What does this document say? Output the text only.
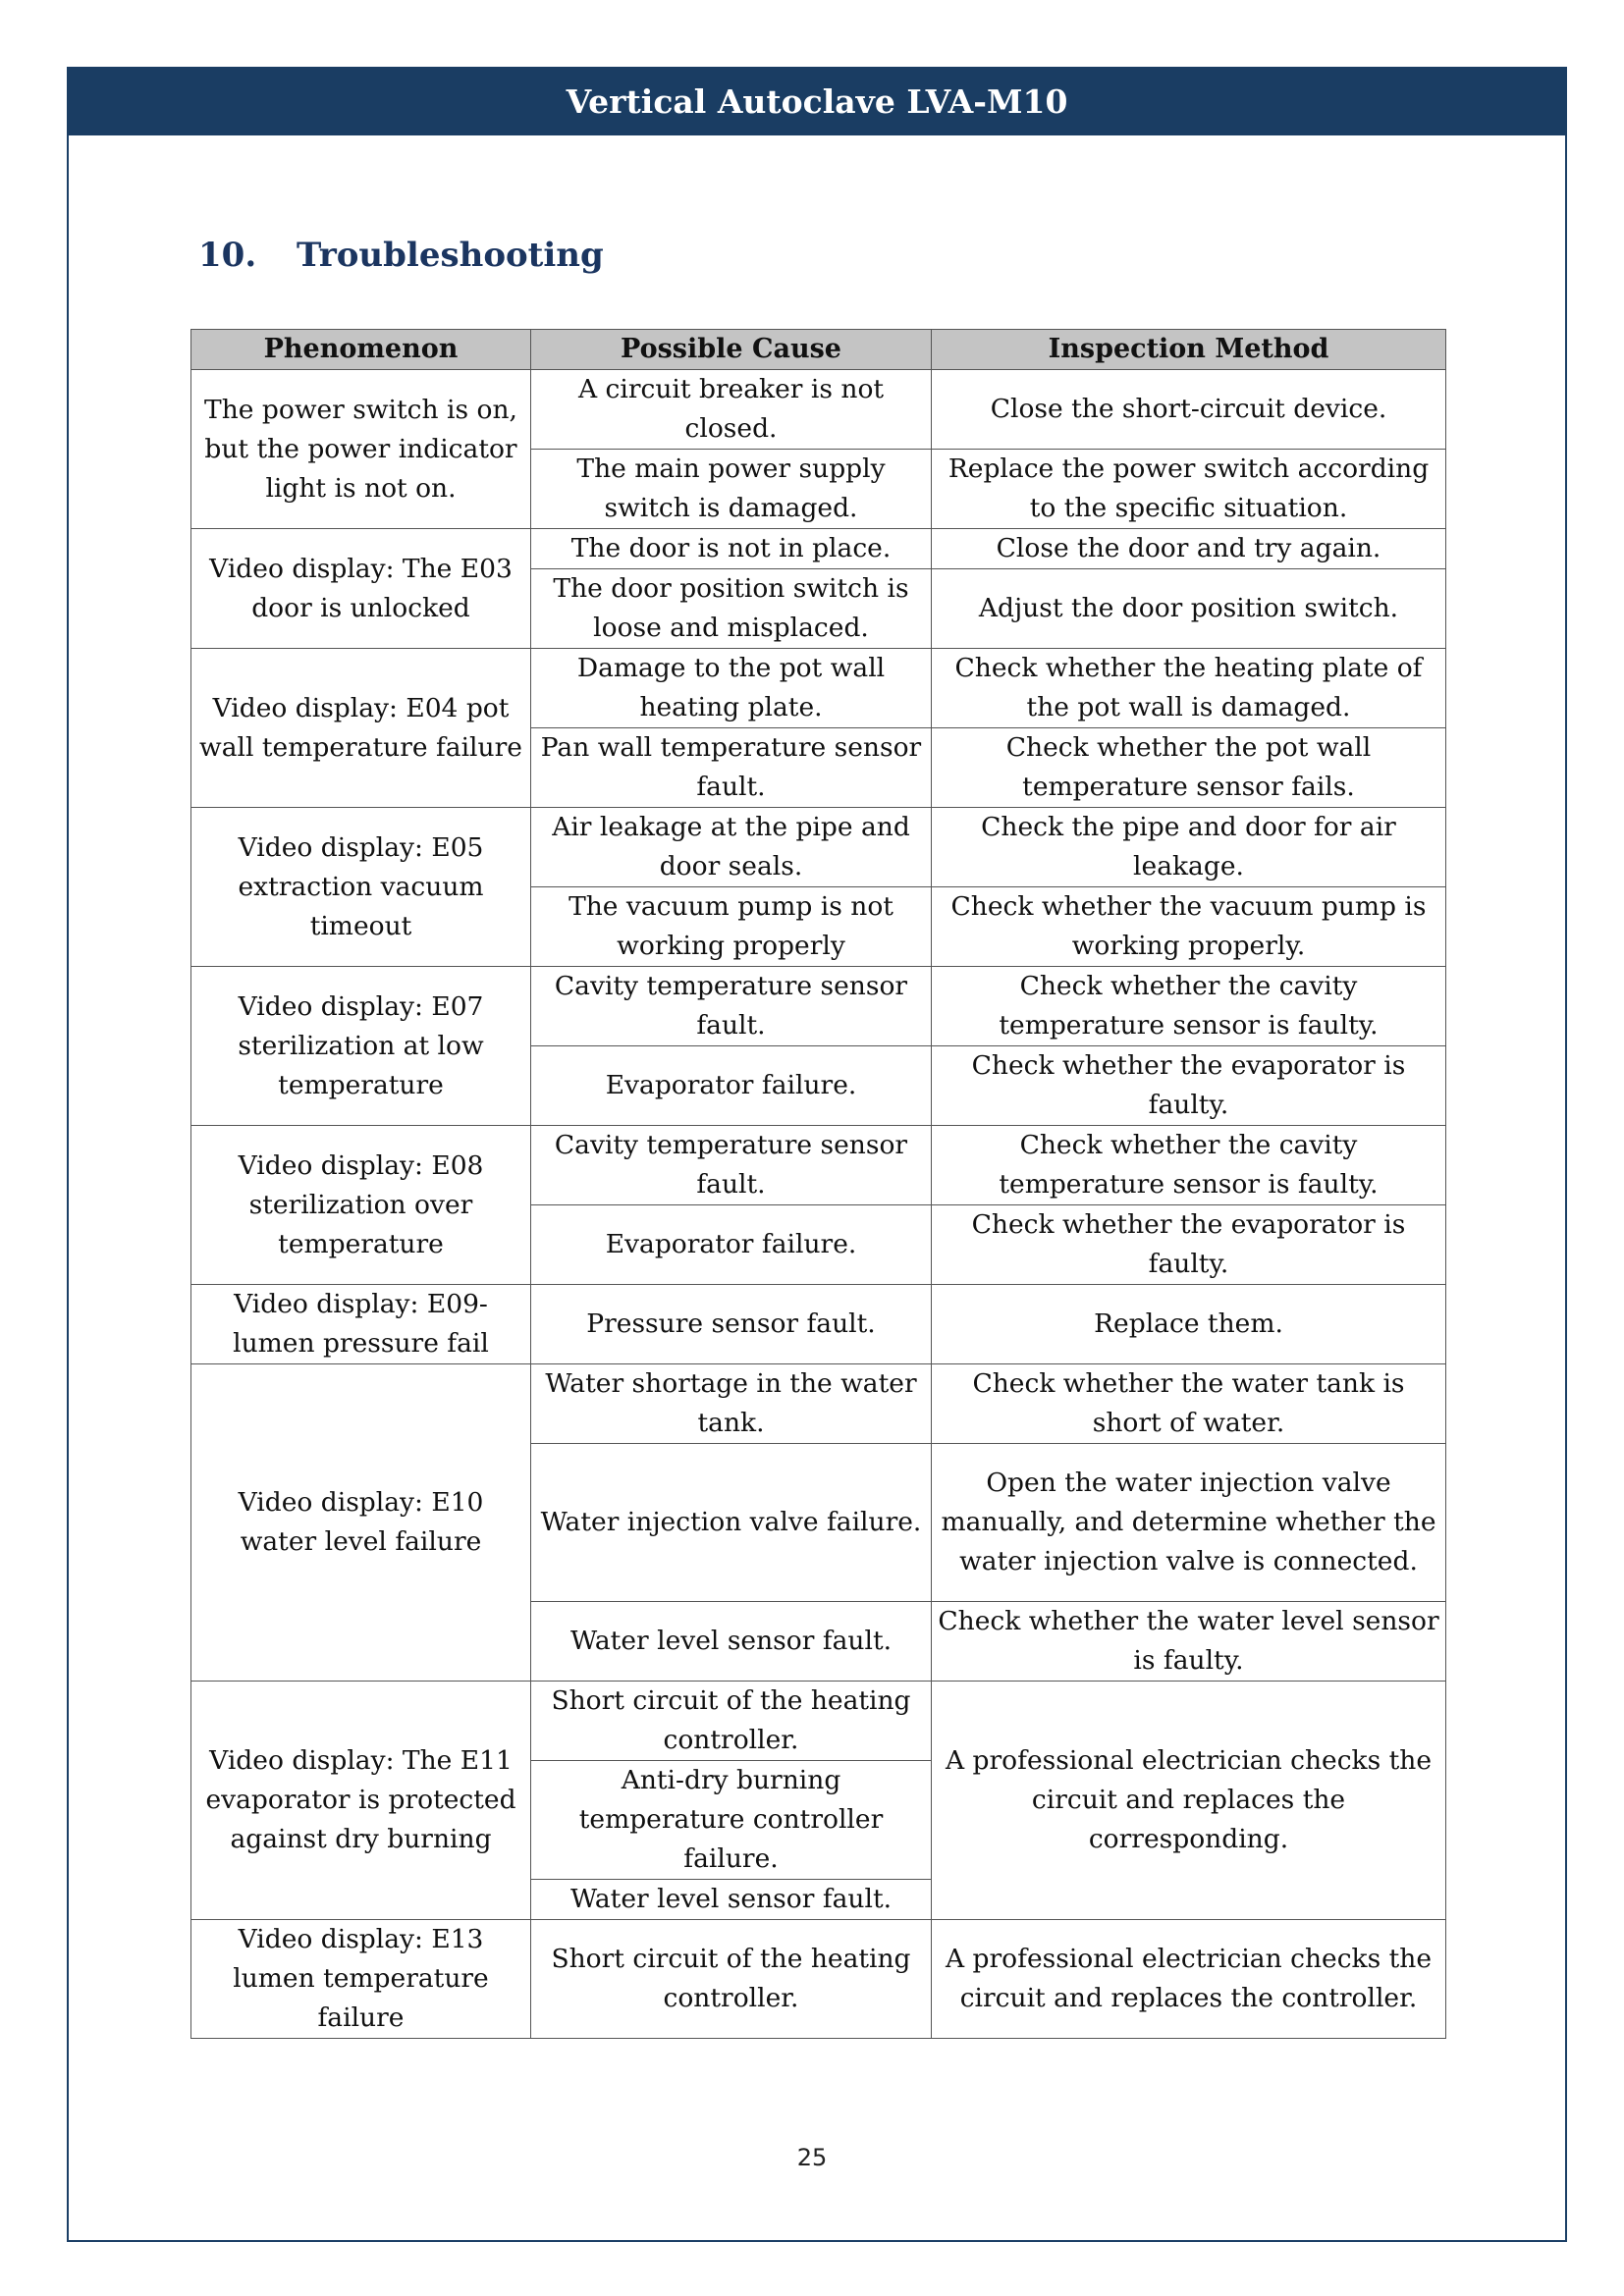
Vertical Autoclave LVA-M10
10. Troubleshooting
Phenomenon	Possible Cause	Inspection Method
The power switch is on, but the power indicator light is not on.	A circuit breaker is not closed.	Close the short-circuit device.
	The main power supply switch is damaged.	Replace the power switch according to the specific situation.
Video display: The E03 door is unlocked	The door is not in place.	Close the door and try again.
	The door position switch is loose and misplaced.	Adjust the door position switch.
Video display: E04 pot wall temperature failure	Damage to the pot wall heating plate.	Check whether the heating plate of the pot wall is damaged.
	Pan wall temperature sensor fault.	Check whether the pot wall temperature sensor fails.
Video display: E05 extraction vacuum timeout	Air leakage at the pipe and door seals.	Check the pipe and door for air leakage.
	The vacuum pump is not working properly	Check whether the vacuum pump is working properly.
Video display: E07 sterilization at low temperature	Cavity temperature sensor fault.	Check whether the cavity temperature sensor is faulty.
	Evaporator failure.	Check whether the evaporator is faulty.
Video display: E08 sterilization over temperature	Cavity temperature sensor fault.	Check whether the cavity temperature sensor is faulty.
	Evaporator failure.	Check whether the evaporator is faulty.
Video display: E09-lumen pressure fail	Pressure sensor fault.	Replace them.
Video display: E10 water level failure	Water shortage in the water tank.	Check whether the water tank is short of water.
	Water injection valve failure.	Open the water injection valve manually, and determine whether the water injection valve is connected.
	Water level sensor fault.	Check whether the water level sensor is faulty.
Video display: The E11 evaporator is protected against dry burning	Short circuit of the heating controller.	A professional electrician checks the circuit and replaces the corresponding.
	Anti-dry burning temperature controller failure.	
	Water level sensor fault.	
Video display: E13 lumen temperature failure	Short circuit of the heating controller.	A professional electrician checks the circuit and replaces the controller.
25
